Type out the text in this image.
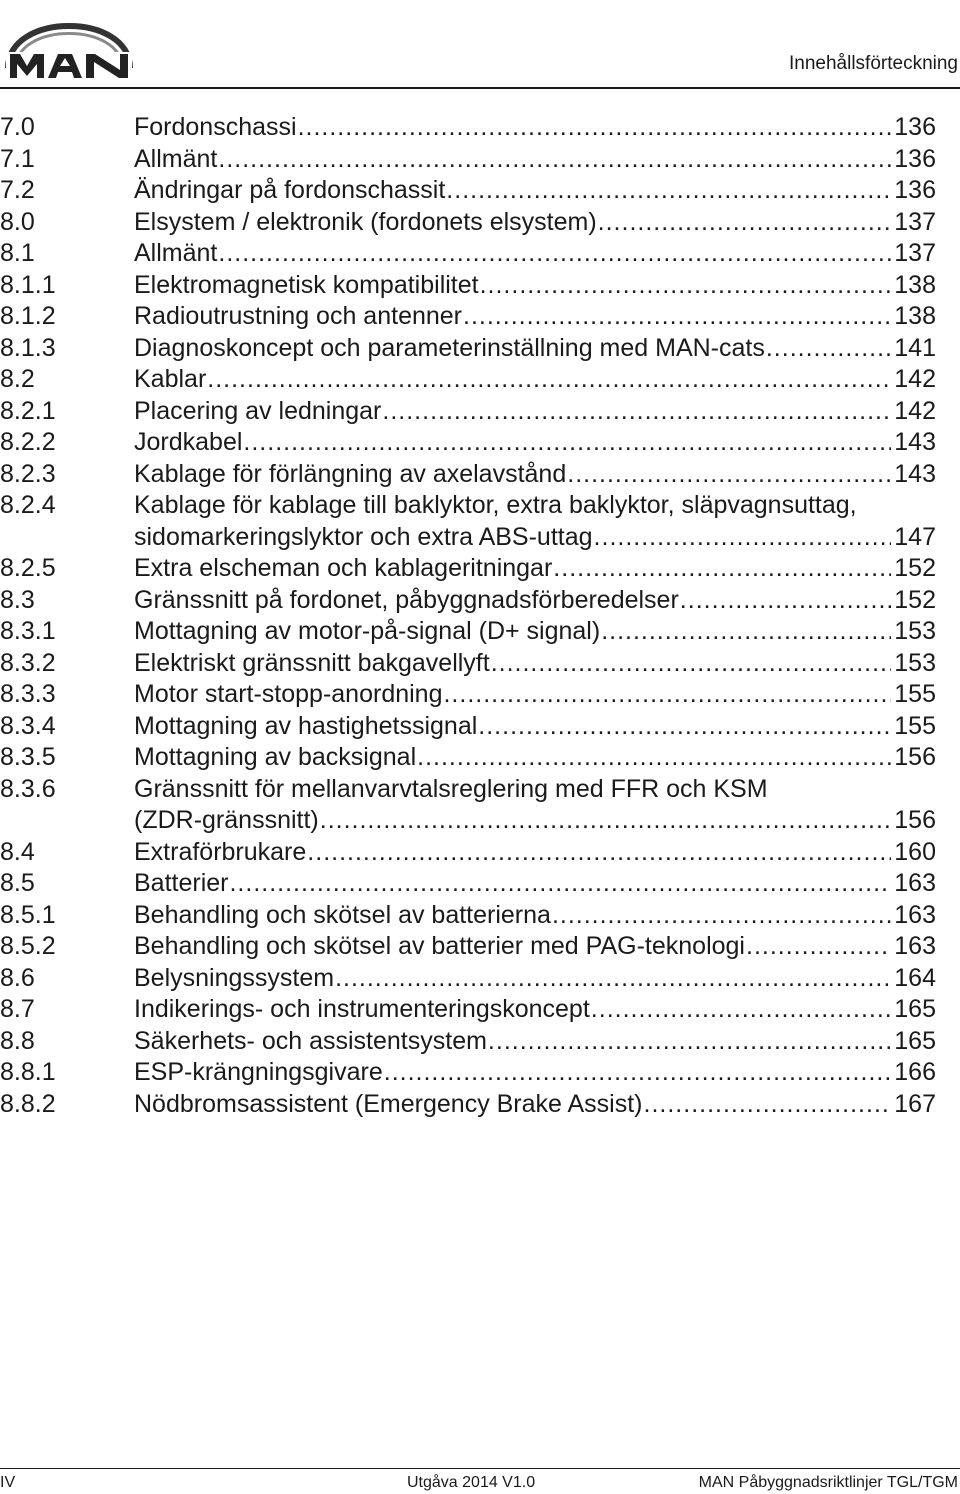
Innehållsförteckning
7.0	Fordonschassi .....	136
7.1	Allmänt .....	136
7.2	Ändringar på fordonschassit .....	136
8.0	Elsystem / elektronik (fordonets elsystem) .....	137
8.1	Allmänt .....	137
8.1.1	Elektromagnetisk kompatibilitet .....	138
8.1.2	Radioutrustning och antenner .....	138
8.1.3	Diagnoskoncept och parameterinställning med MAN-cats .....	141
8.2	Kablar .....	142
8.2.1	Placering av ledningar .....	142
8.2.2	Jordkabel .....	143
8.2.3	Kablage för förlängning av axelavstånd .....	143
8.2.4	Kablage för kablage till baklyktor, extra baklyktor, släpvagnsuttag,
sidomarkeringslyktor och extra ABS-uttag .....	147
8.2.5	Extra elscheman och kablageritningar .....	152
8.3	Gränssnitt på fordonet, påbyggnadsförberedelser .....	152
8.3.1	Mottagning av motor-på-signal (D+ signal) .....	153
8.3.2	Elektriskt gränssnitt bakgavellyft .....	153
8.3.3	Motor start-stopp-anordning .....	155
8.3.4	Mottagning av hastighetssignal .....	155
8.3.5	Mottagning av backsignal .....	156
8.3.6	Gränssnitt för mellanvarvtalsreglering med FFR och KSM
(ZDR-gränssnitt) .....	156
8.4	Extraförbrukare .....	160
8.5	Batterier .....	163
8.5.1	Behandling och skötsel av batterierna .....	163
8.5.2	Behandling och skötsel av batterier med PAG-teknologi .....	163
8.6	Belysningssystem .....	164
8.7	Indikerings- och instrumenteringskoncept .....	165
8.8	Säkerhets- och assistentsystem .....	165
8.8.1	ESP-krängningsgivare .....	166
8.8.2	Nödbromsassistent (Emergency Brake Assist) .....	167
IV	Utgåva 2014 V1.0	MAN Påbyggnadsriktlinjer TGL/TGM
